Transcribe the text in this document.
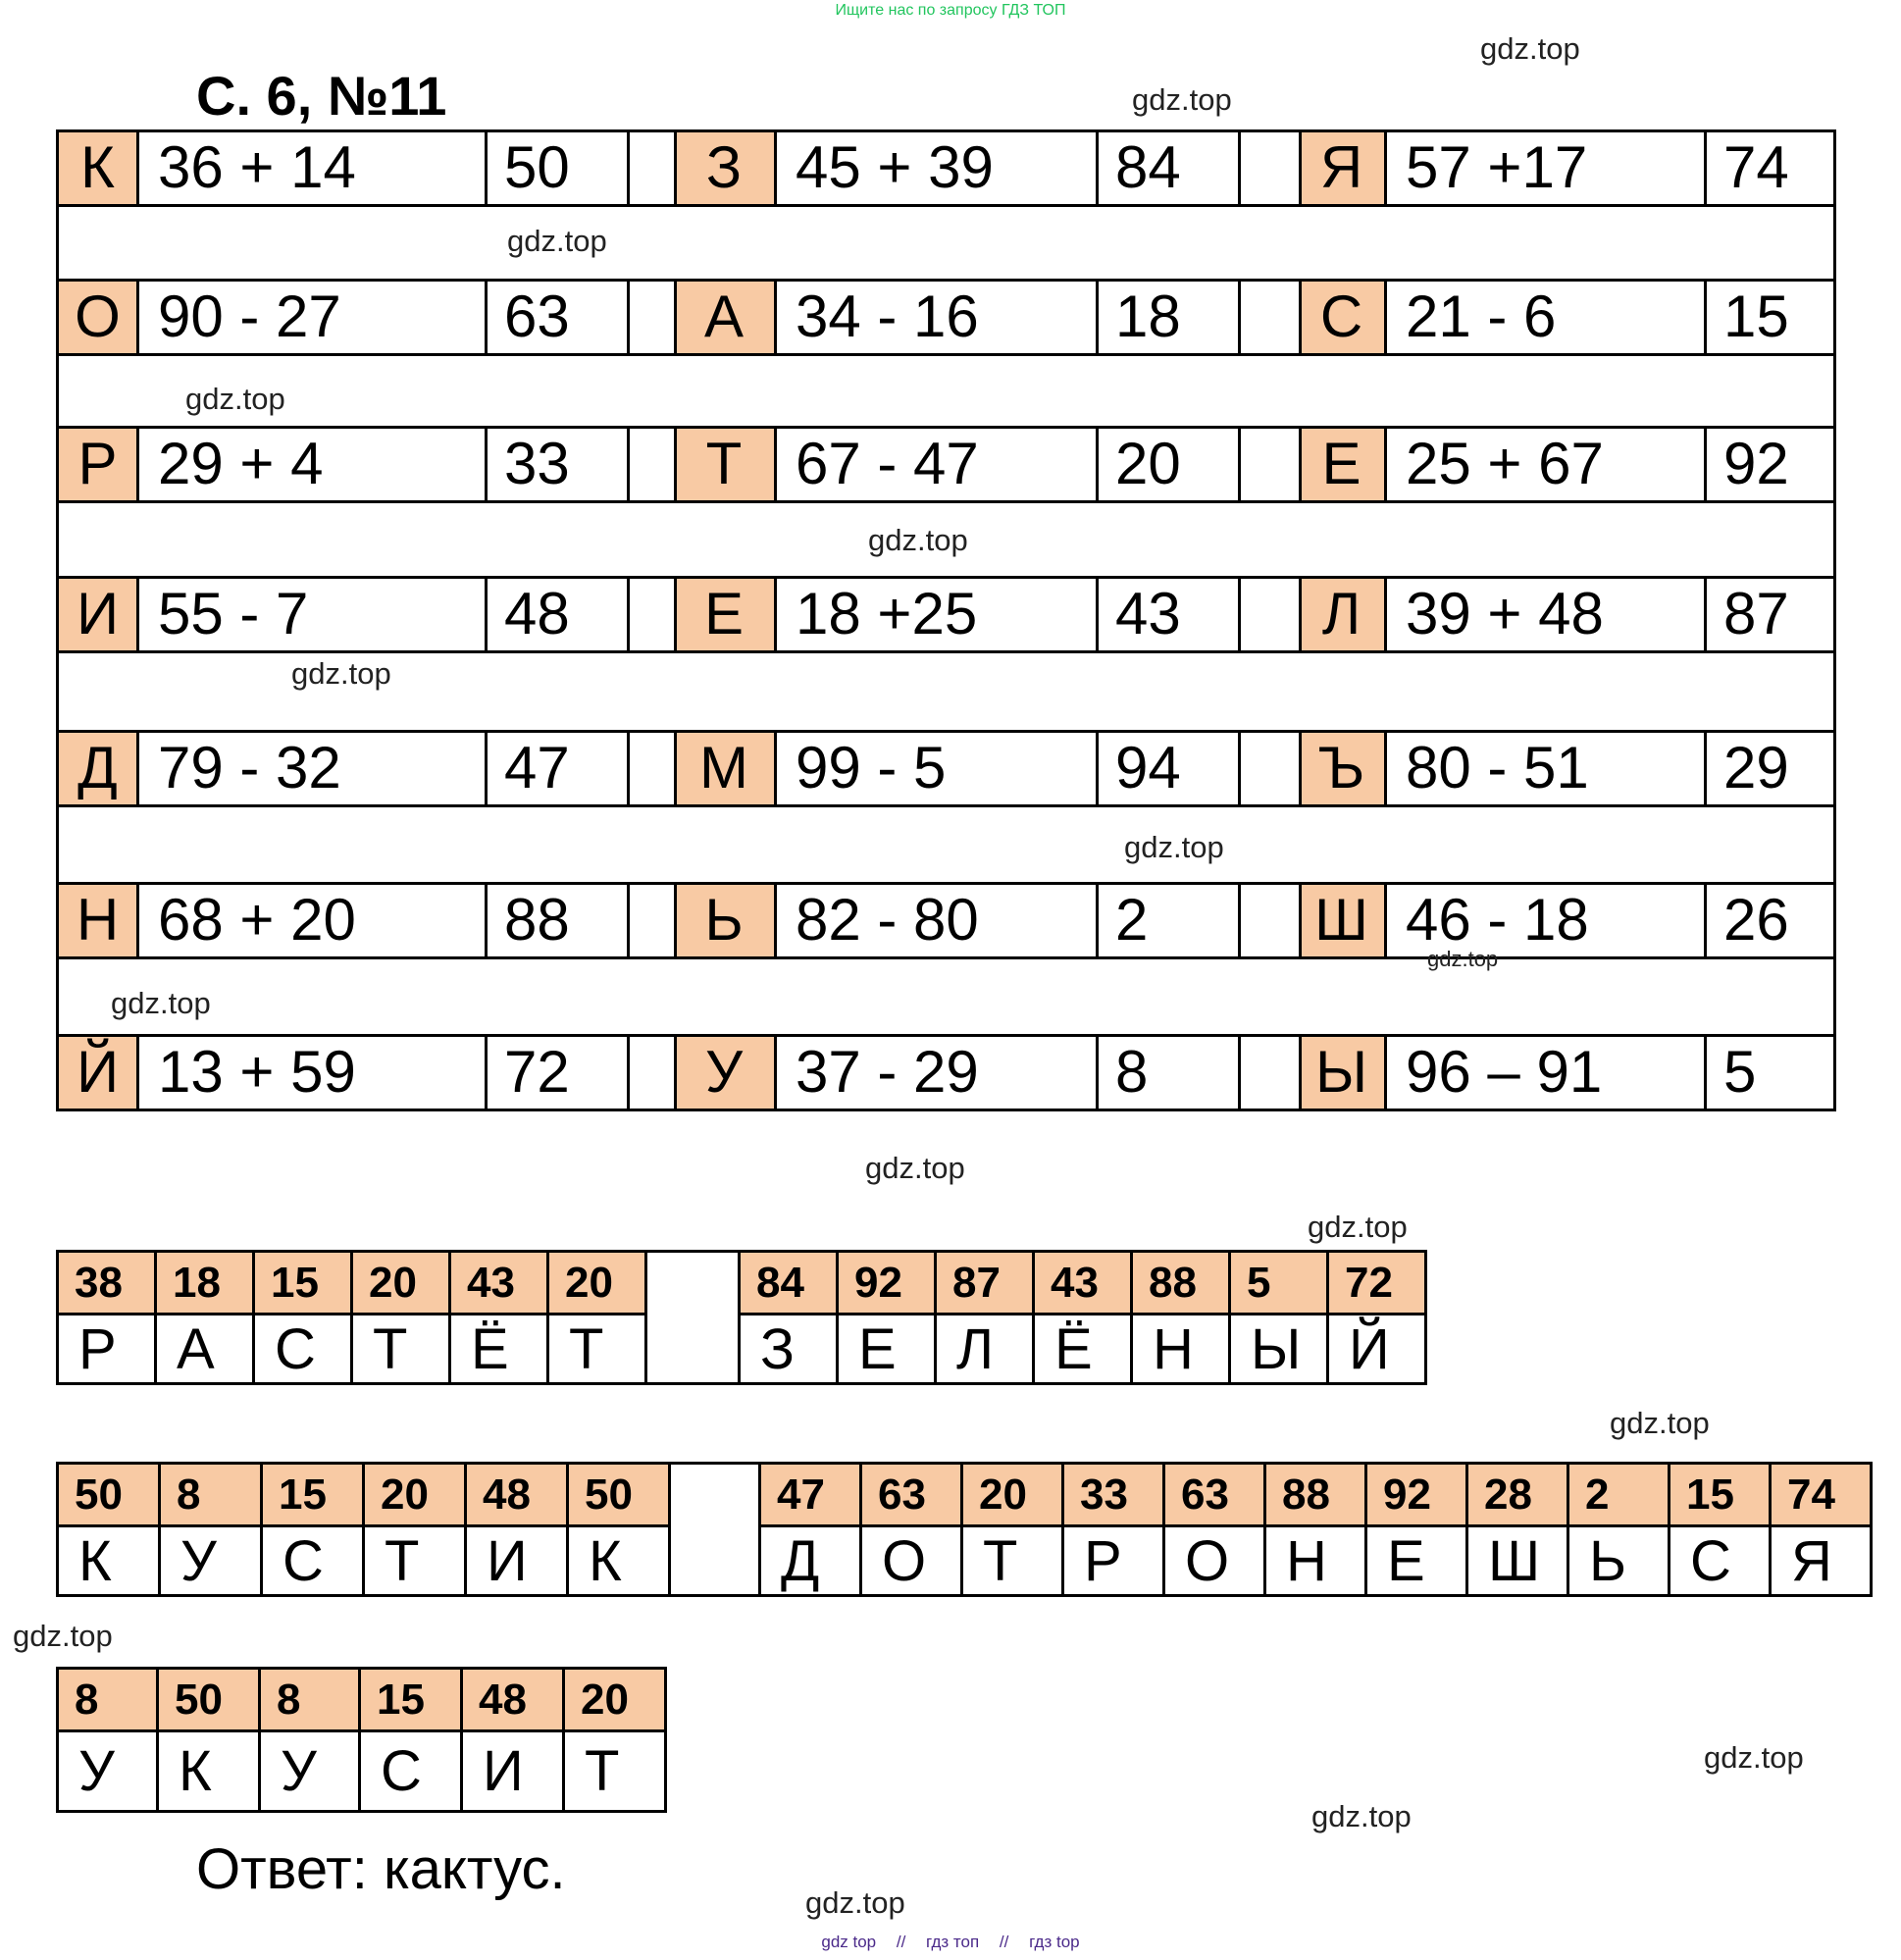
Ищите нас по запросу ГДЗ ТОП
С. 6, №11
К 36 + 14	50	З 45 + 39 84	Я 57 +17 74
О 90 - 27	63	А 34 - 16 18	С 21 - 6	15
Р 29 + 4	33	Т 67 - 47 20	Е 25 + 67 92
И 55 - 7	48	Е 18 +25 43	Л 39 + 48 87
Д 79 - 32	47	М 99 - 5	94	Ъ 80 - 51 29
Н 68 + 20	88	Ь 82 - 80 2	Ш 46 - 18 26
Й 13 + 59	72	У 37 - 29 8	Ы 96 – 91 5
38	18	15	20	43	20		84	92	87	43	88	5	72
Р	А	С	Т	Ё	Т		З	Е	Л	Ё	Н	Ы	Й
50	8	15	20	48	50		47	63	20	33	63	88	92	28	2	15	74
К	У	С	Т	И	К		Д	О	Т	Р	О	Н	Е	Ш	Ь	С	Я
8	50	8	15	48	20
У	К	У	С	И	Т
Ответ: кактус.
gdz.top
gdz.top
gdz.top
gdz.top
gdz.top
gdz.top
gdz.top
gdz.top
gdz.top
gdz.top
gdz.top
gdz.top
gdz.top
gdz.top
gdz.top
gdz.top
gdz top // гдз топ // гдз top
